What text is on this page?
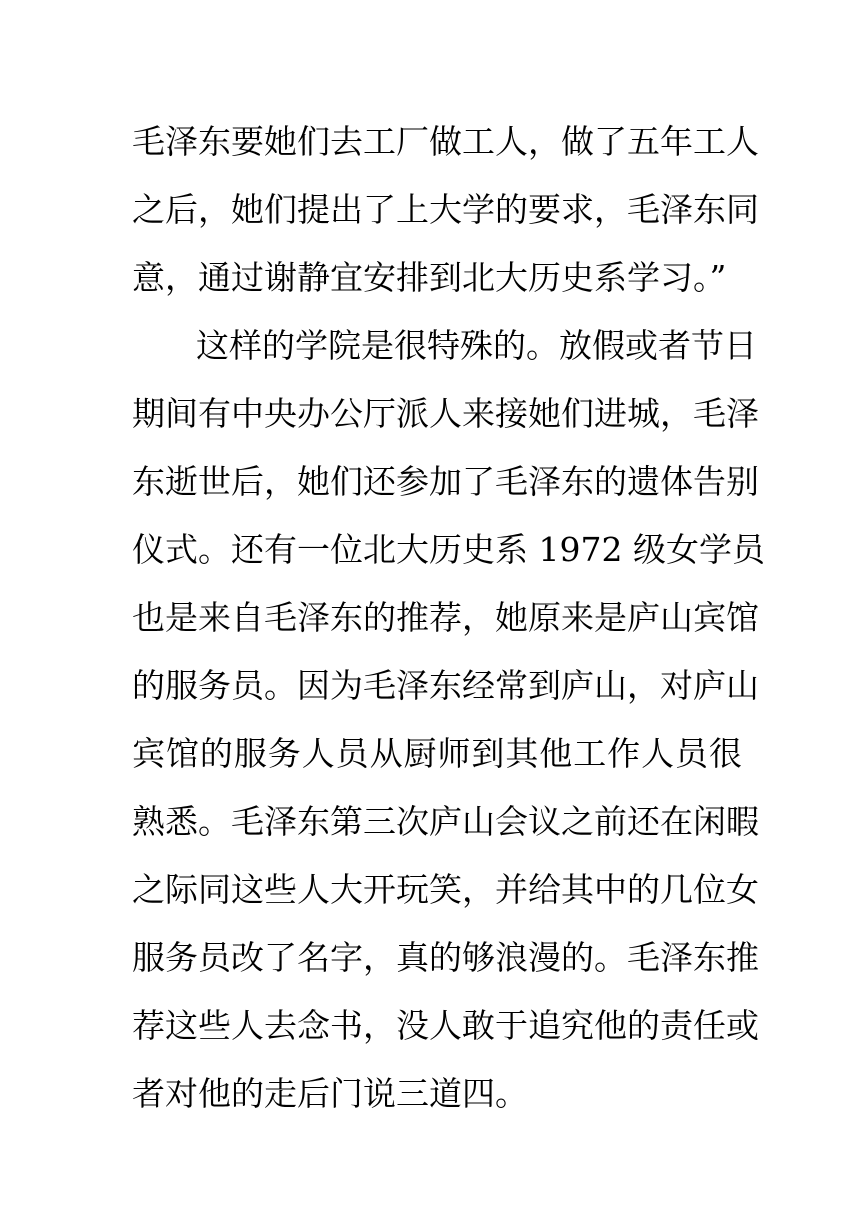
毛泽东要她们去工厂做工人，做了五年工人
之后，她们提出了上大学的要求，毛泽东同
意，通过谢静宜安排到北大历史系学习。”
这样的学院是很特殊的。放假或者节日
期间有中央办公厅派人来接她们进城，毛泽
东逝世后，她们还参加了毛泽东的遗体告别
仪式。还有一位北大历史系 1972 级女学员
也是来自毛泽东的推荐，她原来是庐山宾馆
的服务员。因为毛泽东经常到庐山，对庐山
宾馆的服务人员从厨师到其他工作人员很
熟悉。毛泽东第三次庐山会议之前还在闲暇
之际同这些人大开玩笑，并给其中的几位女
服务员改了名字，真的够浪漫的。毛泽东推
荐这些人去念书，没人敢于追究他的责任或
者对他的走后门说三道四。
